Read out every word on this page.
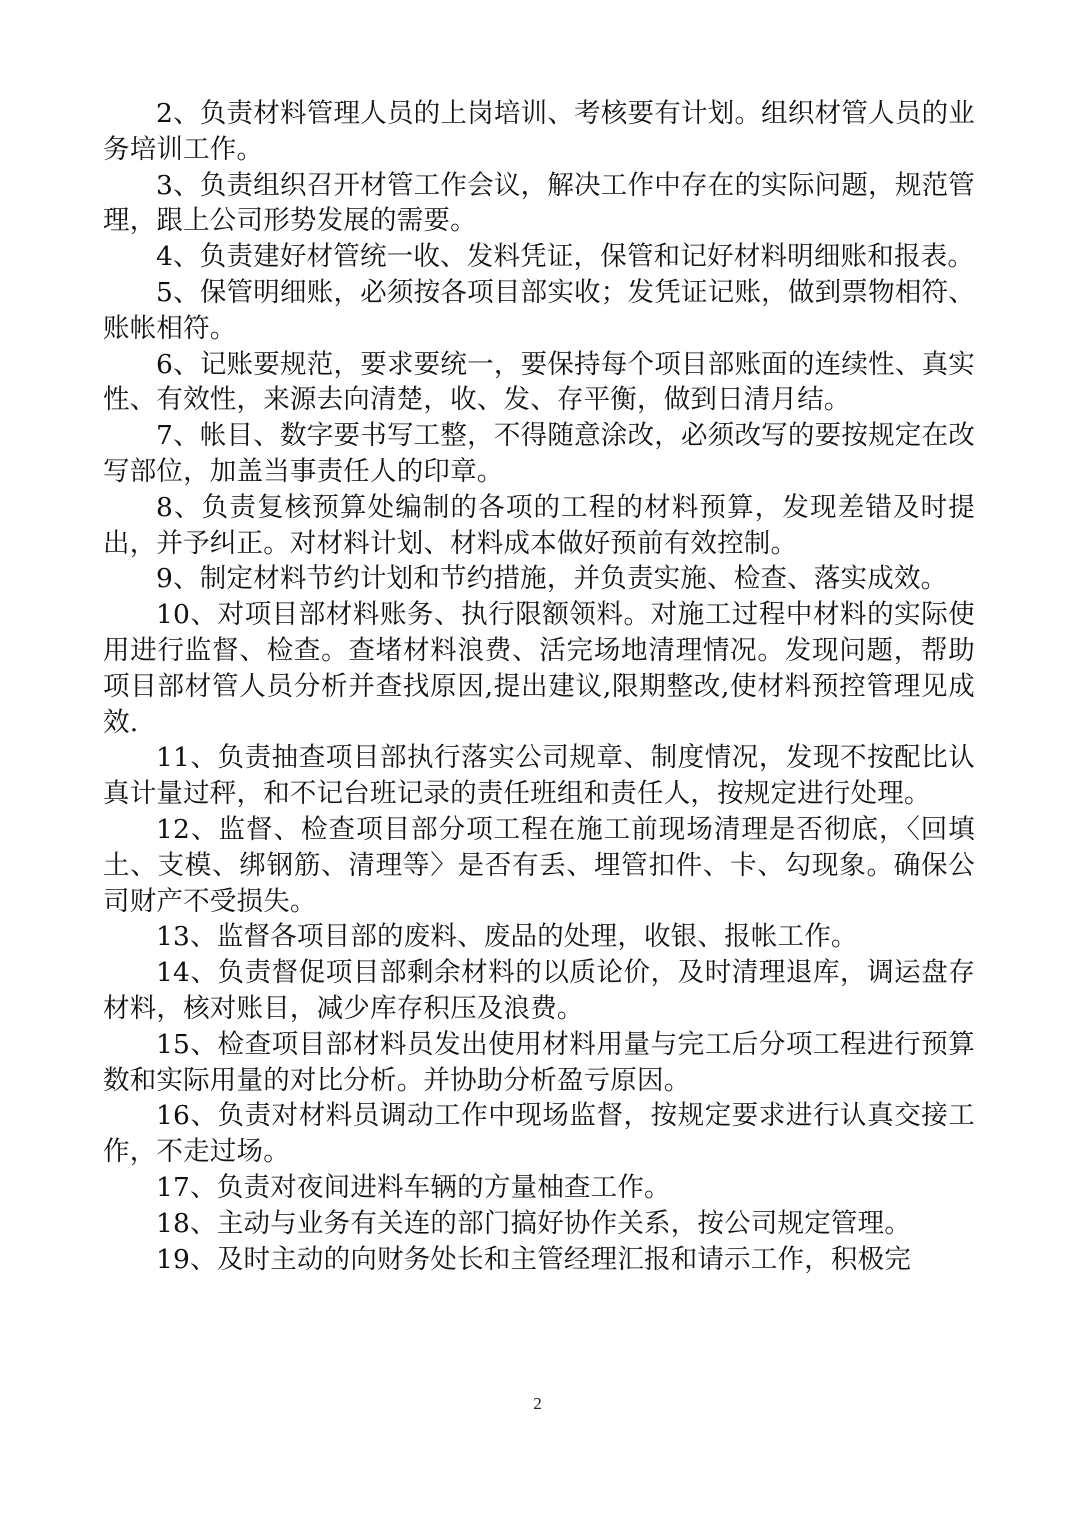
2、负责材料管理人员的上岗培训、考核要有计划。组织材管人员的业务培训工作。

3、负责组织召开材管工作会议，解决工作中存在的实际问题，规范管理，跟上公司形势发展的需要。

4、负责建好材管统一收、发料凭证，保管和记好材料明细账和报表。

5、保管明细账，必须按各项目部实收；发凭证记账，做到票物相符、账帐相符。

6、记账要规范，要求要统一，要保持每个项目部账面的连续性、真实性、有效性，来源去向清楚，收、发、存平衡，做到日清月结。

7、帐目、数字要书写工整，不得随意涂改，必须改写的要按规定在改写部位，加盖当事责任人的印章。

8、负责复核预算处编制的各项的工程的材料预算，发现差错及时提出，并予纠正。对材料计划、材料成本做好预前有效控制。

9、制定材料节约计划和节约措施，并负责实施、检查、落实成效。

10、对项目部材料账务、执行限额领料。对施工过程中材料的实际使用进行监督、检查。查堵材料浪费、活完场地清理情况。发现问题，帮助项目部材管人员分析并查找原因,提出建议,限期整改,使材料预控管理见成效.

11、负责抽查项目部执行落实公司规章、制度情况，发现不按配比认真计量过秤，和不记台班记录的责任班组和责任人，按规定进行处理。

12、监督、检查项目部分项工程在施工前现场清理是否彻底，〈回填土、支模、绑钢筋、清理等〉是否有丢、埋管扣件、卡、勾现象。确保公司财产不受损失。

13、监督各项目部的废料、废品的处理，收银、报帐工作。

14、负责督促项目部剩余材料的以质论价，及时清理退库，调运盘存材料，核对账目，减少库存积压及浪费。

15、检查项目部材料员发出使用材料用量与完工后分项工程进行预算数和实际用量的对比分析。并协助分析盈亏原因。

16、负责对材料员调动工作中现场监督，按规定要求进行认真交接工作，不走过场。

17、负责对夜间进料车辆的方量柚查工作。

18、主动与业务有关连的部门搞好协作关系，按公司规定管理。

19、及时主动的向财务处长和主管经理汇报和请示工作，积极完

2
